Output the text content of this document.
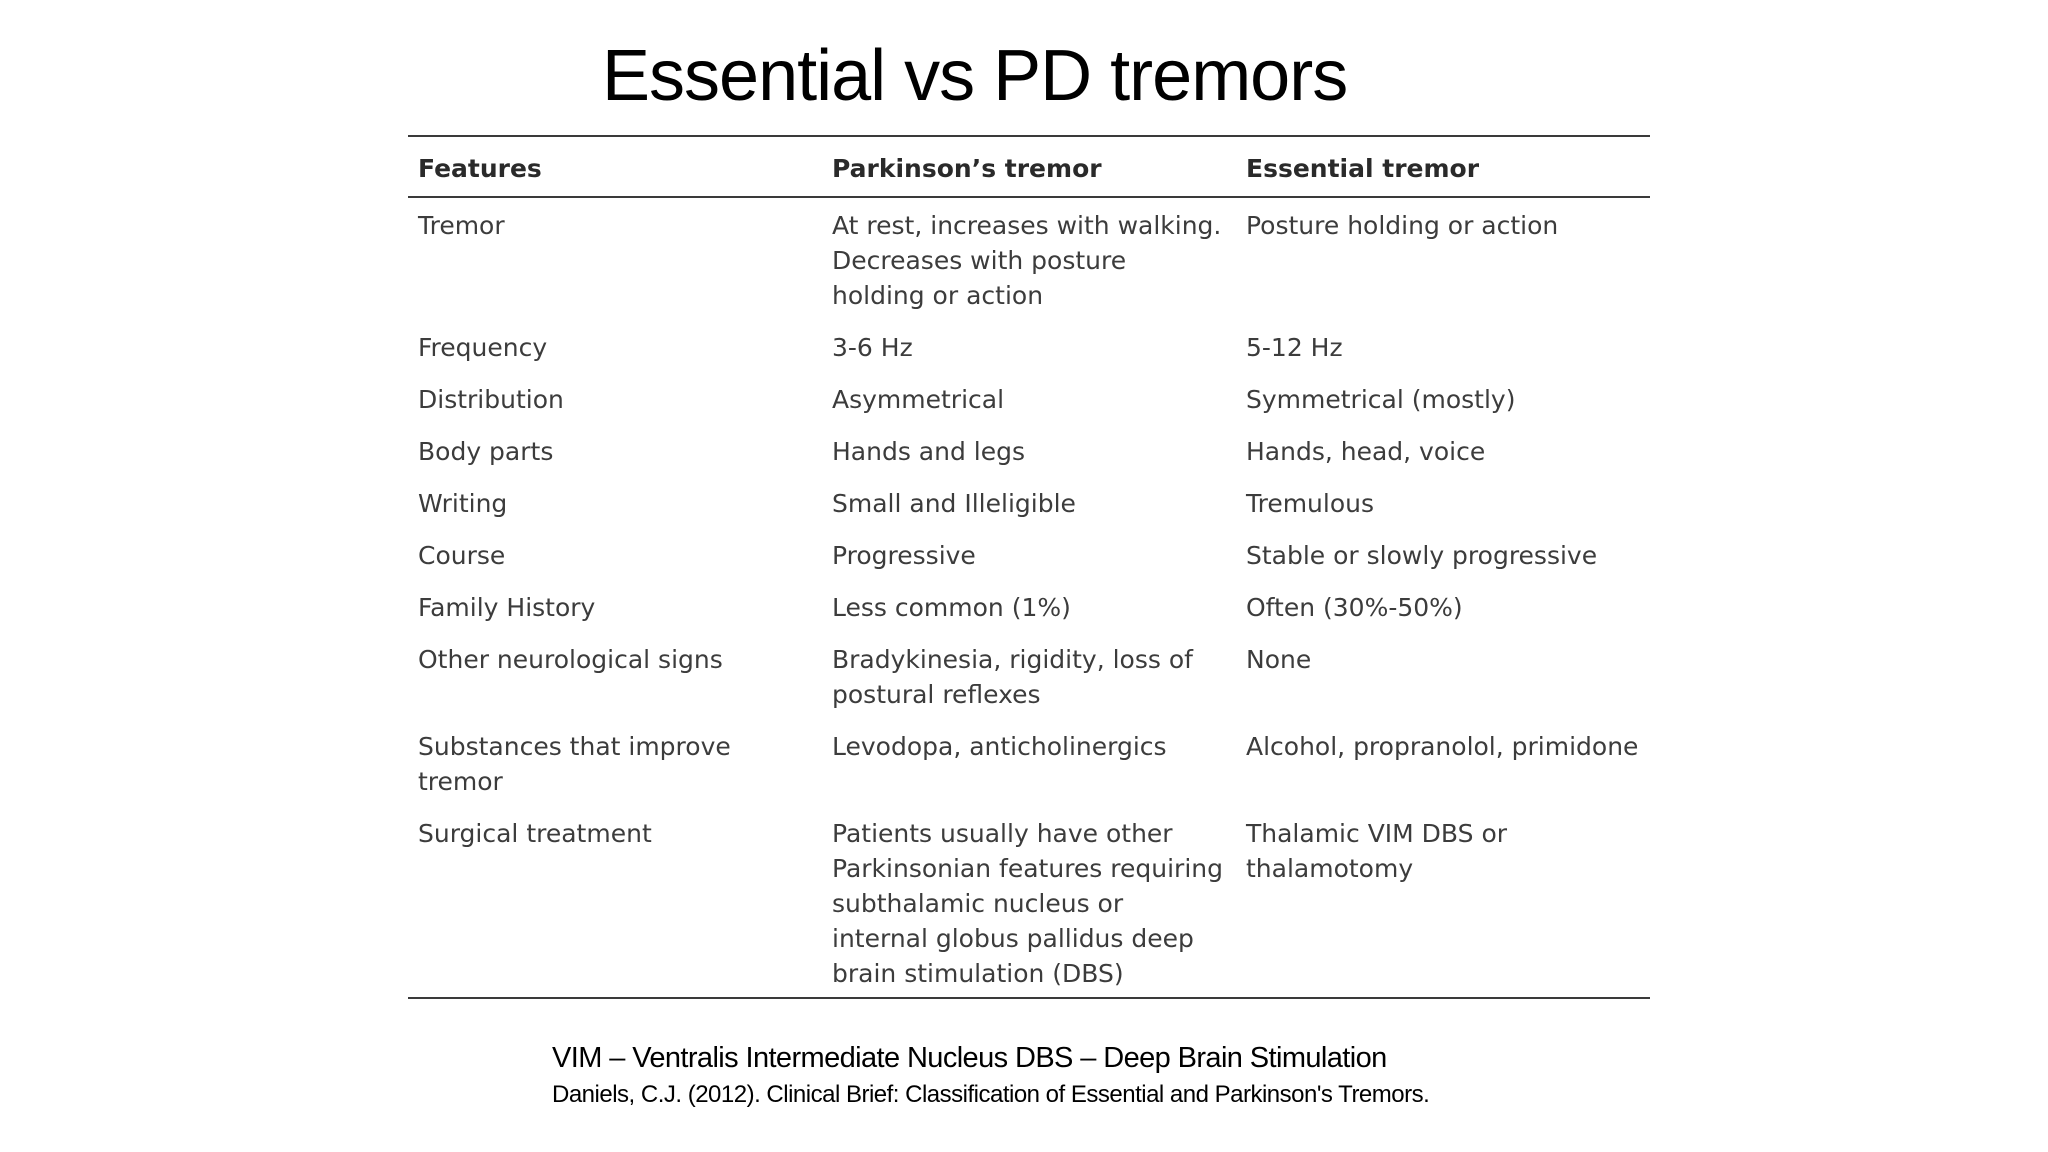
Essential vs PD tremors
Features	Parkinson’s tremor	Essential tremor
Tremor	At rest, increases with walking. Decreases with posture holding or action	Posture holding or action
Frequency	3-6 Hz	5-12 Hz
Distribution	Asymmetrical	Symmetrical (mostly)
Body parts	Hands and legs	Hands, head, voice
Writing	Small and Illeligible	Tremulous
Course	Progressive	Stable or slowly progressive
Family History	Less common (1%)	Often (30%-50%)
Other neurological signs	Bradykinesia, rigidity, loss of postural reflexes	None
Substances that improve tremor	Levodopa, anticholinergics	Alcohol, propranolol, primidone
Surgical treatment	Patients usually have other Parkinsonian features requiring subthalamic nucleus or internal globus pallidus deep brain stimulation (DBS)	Thalamic VIM DBS or thalamotomy
VIM – Ventralis Intermediate Nucleus DBS – Deep Brain Stimulation
Daniels, C.J. (2012). Clinical Brief: Classification of Essential and Parkinson's Tremors.
